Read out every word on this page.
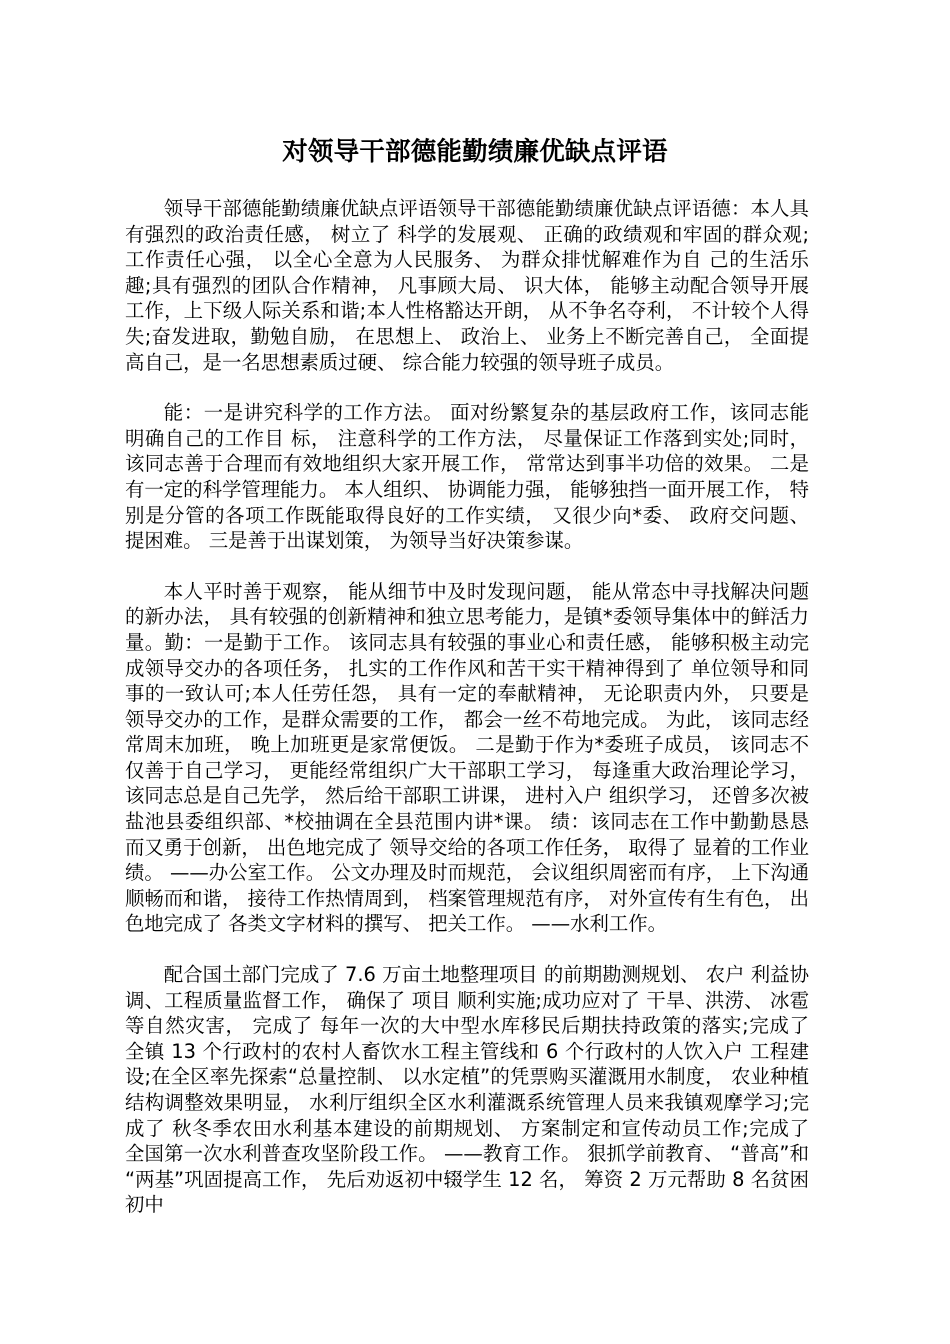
对领导干部德能勤绩廉优缺点评语

领导干部德能勤绩廉优缺点评语领导干部德能勤绩廉优缺点评语德：本人具有强烈的政治责任感， 树立了 科学的发展观、 正确的政绩观和牢固的群众观;工作责任心强， 以全心全意为人民服务、 为群众排忧解难作为自 己的生活乐趣;具有强烈的团队合作精神， 凡事顾大局、 识大体， 能够主动配合领导开展工作，上下级人际关系和谐;本人性格豁达开朗， 从不争名夺利， 不计较个人得失;奋发进取，勤勉自励， 在思想上、 政治上、 业务上不断完善自己， 全面提高自己，是一名思想素质过硬、 综合能力较强的领导班子成员。

能：一是讲究科学的工作方法。 面对纷繁复杂的基层政府工作，该同志能明确自己的工作目 标， 注意科学的工作方法， 尽量保证工作落到实处;同时， 该同志善于合理而有效地组织大家开展工作， 常常达到事半功倍的效果。 二是有一定的科学管理能力。 本人组织、 协调能力强， 能够独挡一面开展工作， 特别是分管的各项工作既能取得良好的工作实绩， 又很少向*委、 政府交问题、 提困难。 三是善于出谋划策， 为领导当好决策参谋。

本人平时善于观察， 能从细节中及时发现问题， 能从常态中寻找解决问题的新办法， 具有较强的创新精神和独立思考能力，是镇*委领导集体中的鲜活力量。勤：一是勤于工作。 该同志具有较强的事业心和责任感， 能够积极主动完成领导交办的各项任务， 扎实的工作作风和苦干实干精神得到了 单位领导和同事的一致认可;本人任劳任怨， 具有一定的奉献精神， 无论职责内外， 只要是领导交办的工作，是群众需要的工作， 都会一丝不苟地完成。 为此， 该同志经常周末加班， 晚上加班更是家常便饭。 二是勤于作为*委班子成员， 该同志不仅善于自己学习， 更能经常组织广大干部职工学习， 每逢重大政治理论学习， 该同志总是自己先学， 然后给干部职工讲课， 进村入户 组织学习， 还曾多次被盐池县委组织部、*校抽调在全县范围内讲*课。 绩：该同志在工作中勤勤恳恳而又勇于创新， 出色地完成了 领导交给的各项工作任务， 取得了 显着的工作业绩。 ——办公室工作。 公文办理及时而规范， 会议组织周密而有序， 上下沟通顺畅而和谐， 接待工作热情周到， 档案管理规范有序， 对外宣传有生有色， 出色地完成了 各类文字材料的撰写、 把关工作。 ——水利工作。

配合国土部门完成了 7.6 万亩土地整理项目 的前期勘测规划、 农户 利益协调、工程质量监督工作， 确保了 项目 顺利实施;成功应对了 干旱、洪涝、 冰雹等自然灾害， 完成了 每年一次的大中型水库移民后期扶持政策的落实;完成了 全镇 13 个行政村的农村人畜饮水工程主管线和 6 个行政村的人饮入户 工程建设;在全区率先探索“总量控制、 以水定植”的凭票购买灌溉用水制度， 农业种植结构调整效果明显， 水利厅组织全区水利灌溉系统管理人员来我镇观摩学习;完成了 秋冬季农田水利基本建设的前期规划、 方案制定和宣传动员工作;完成了 全国第一次水利普查攻坚阶段工作。 ——教育工作。 狠抓学前教育、 “普高”和“两基”巩固提高工作， 先后劝返初中辍学生 12 名， 筹资 2 万元帮助 8 名贫困初中
